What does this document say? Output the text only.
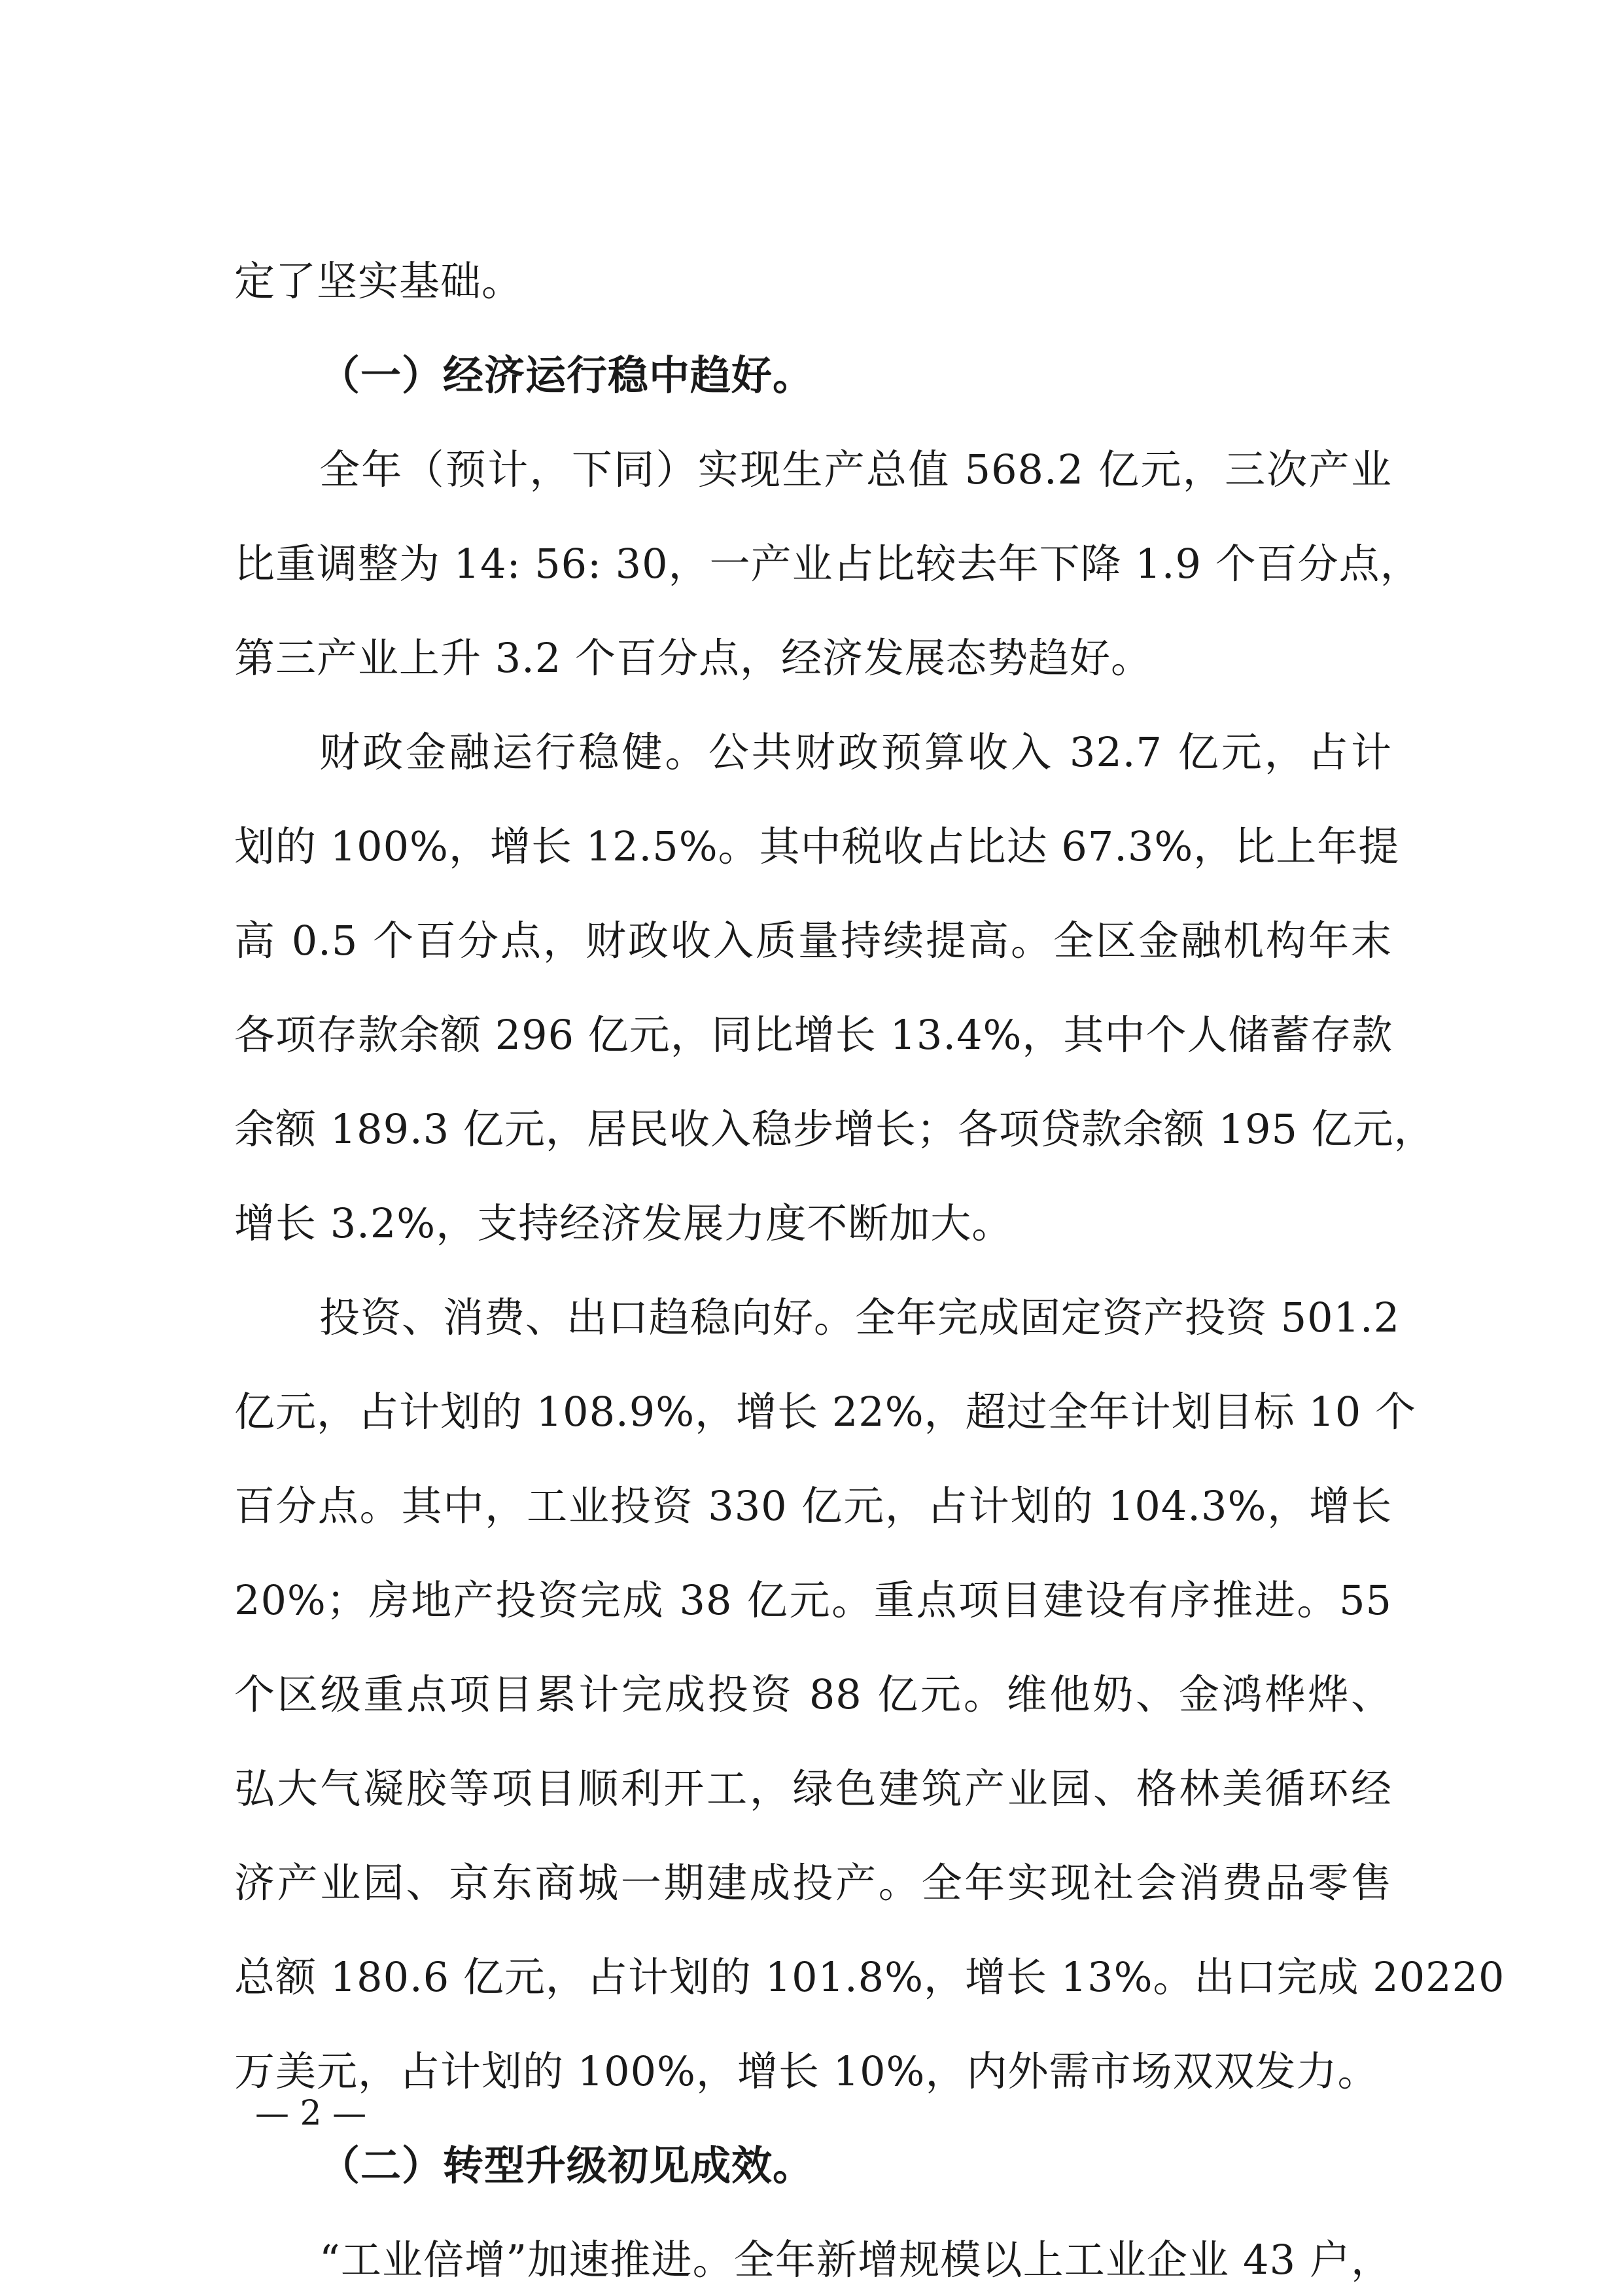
定了坚实基础。
（一）经济运行稳中趋好。
全年（预计，下同）实现生产总值 568.2 亿元，三次产业
比重调整为 14: 56: 30，一产业占比较去年下降 1.9 个百分点，
第三产业上升 3.2 个百分点，经济发展态势趋好。
财政金融运行稳健。公共财政预算收入 32.7 亿元，占计
划的 100%，增长 12.5%。其中税收占比达 67.3%，比上年提
高 0.5 个百分点，财政收入质量持续提高。全区金融机构年末
各项存款余额 296 亿元，同比增长 13.4%，其中个人储蓄存款
余额 189.3 亿元，居民收入稳步增长；各项贷款余额 195 亿元，
增长 3.2%，支持经济发展力度不断加大。
投资、消费、出口趋稳向好。全年完成固定资产投资 501.2
亿元，占计划的 108.9%，增长 22%，超过全年计划目标 10 个
百分点。其中，工业投资 330 亿元，占计划的 104.3%，增长
20%；房地产投资完成 38 亿元。重点项目建设有序推进。55
个区级重点项目累计完成投资 88 亿元。维他奶、金鸿桦烨、
弘大气凝胶等项目顺利开工，绿色建筑产业园、格林美循环经
济产业园、京东商城一期建成投产。全年实现社会消费品零售
总额 180.6 亿元，占计划的 101.8%，增长 13%。出口完成 20220
万美元，占计划的 100%，增长 10%，内外需市场双双发力。
（二）转型升级初见成效。
“工业倍增”加速推进。全年新增规模以上工业企业 43 户，
— 2 —
